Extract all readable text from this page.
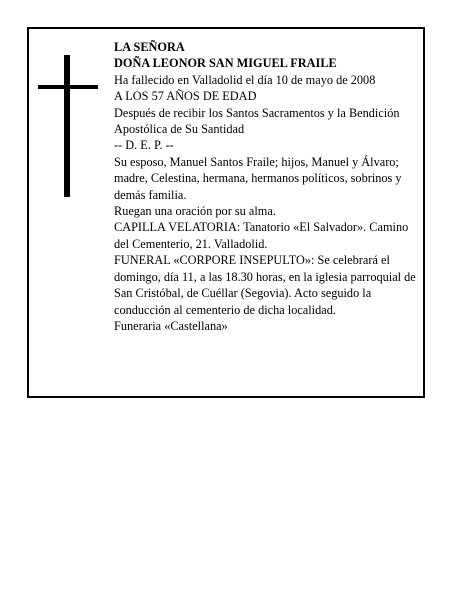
LA SEÑORA
DOÑA LEONOR SAN MIGUEL FRAILE
Ha fallecido en Valladolid el día 10 de mayo de 2008
A LOS 57 AÑOS DE EDAD
Después de recibir los Santos Sacramentos y la Bendición Apostólica de Su Santidad
-- D. E. P. --
Su esposo, Manuel Santos Fraile; hijos, Manuel y Álvaro; madre, Celestina, hermana, hermanos políticos, sobrinos y demás familia.
Ruegan una oración por su alma.
CAPILLA VELATORIA: Tanatorio «El Salvador». Camino del Cementerio, 21. Valladolid.
FUNERAL «CORPORE INSEPULTO»: Se celebrará el domingo, día 11, a las 18.30 horas, en la iglesia parroquial de San Cristóbal, de Cuéllar (Segovia). Acto seguido la conducción al cementerio de dicha localidad.
Funeraria «Castellana»
